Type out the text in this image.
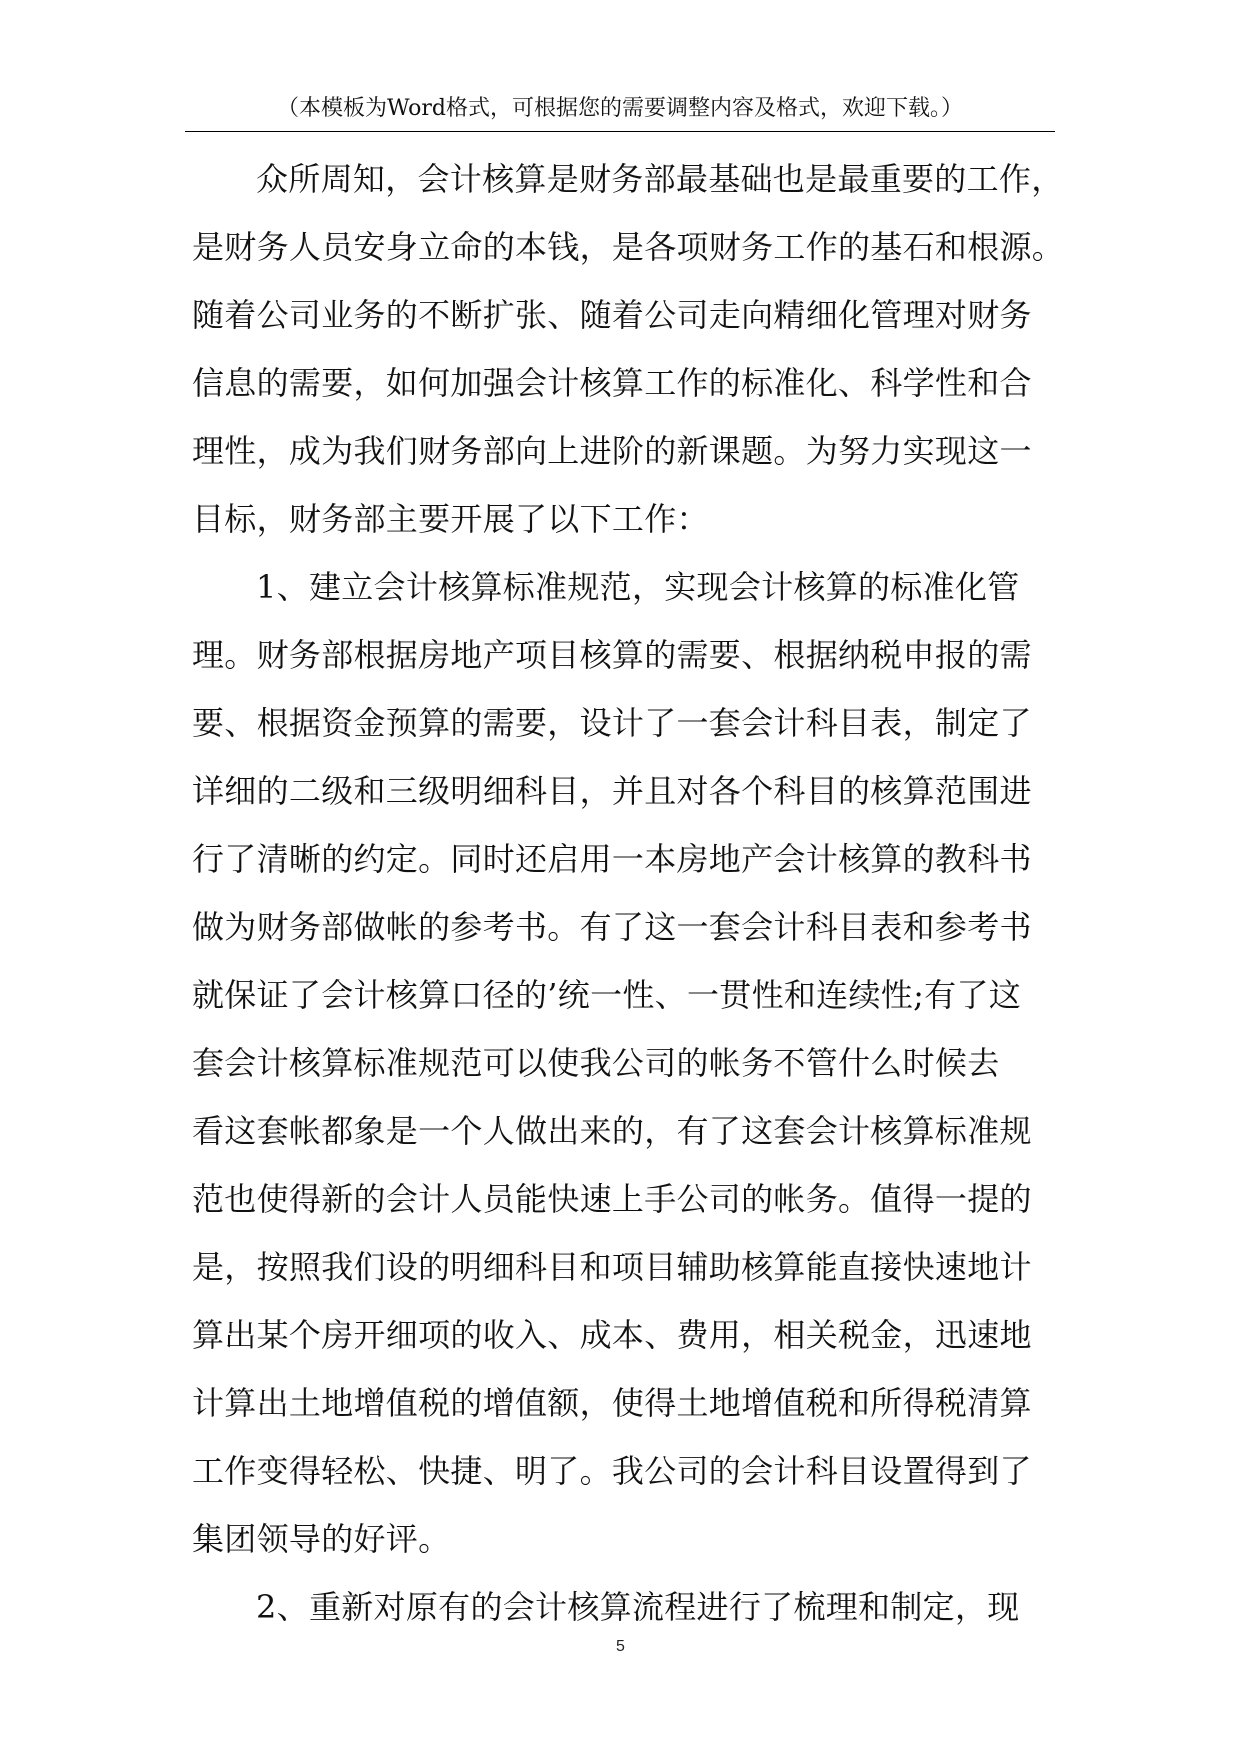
（本模板为Word格式，可根据您的需要调整内容及格式，欢迎下载。）
众所周知，会计核算是财务部最基础也是最重要的工作，
是财务人员安身立命的本钱，是各项财务工作的基石和根源。
随着公司业务的不断扩张、随着公司走向精细化管理对财务
信息的需要，如何加强会计核算工作的标准化、科学性和合
理性，成为我们财务部向上进阶的新课题。为努力实现这一
目标，财务部主要开展了以下工作：
1、建立会计核算标准规范，实现会计核算的标准化管
理。财务部根据房地产项目核算的需要、根据纳税申报的需
要、根据资金预算的需要，设计了一套会计科目表，制定了
详细的二级和三级明细科目，并且对各个科目的核算范围进
行了清晰的约定。同时还启用一本房地产会计核算的教科书
做为财务部做帐的参考书。有了这一套会计科目表和参考书
就保证了会计核算口径的’统一性、一贯性和连续性;有了这
套会计核算标准规范可以使我公司的帐务不管什么时候去
看这套帐都象是一个人做出来的，有了这套会计核算标准规
范也使得新的会计人员能快速上手公司的帐务。值得一提的
是，按照我们设的明细科目和项目辅助核算能直接快速地计
算出某个房开细项的收入、成本、费用，相关税金，迅速地
计算出土地增值税的增值额，使得土地增值税和所得税清算
工作变得轻松、快捷、明了。我公司的会计科目设置得到了
集团领导的好评。
2、重新对原有的会计核算流程进行了梳理和制定，现
5
